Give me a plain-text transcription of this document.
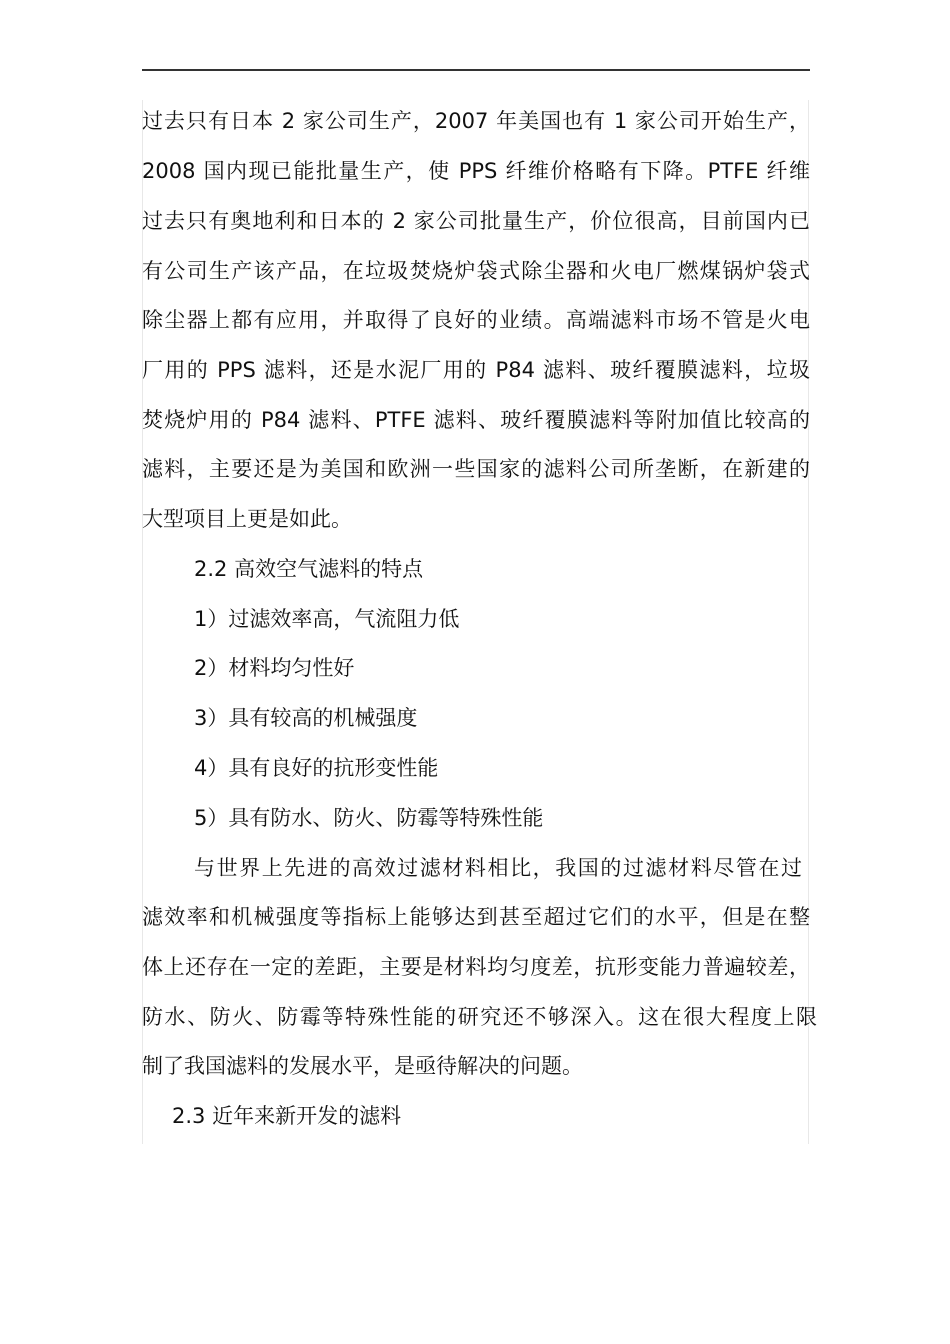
过去只有日本 2 家公司生产，2007 年美国也有 1 家公司开始生产，

2008 国内现已能批量生产，使 PPS 纤维价格略有下降。PTFE 纤维

过去只有奥地利和日本的 2 家公司批量生产，价位很高，目前国内已

有公司生产该产品，在垃圾焚烧炉袋式除尘器和火电厂燃煤锅炉袋式

除尘器上都有应用，并取得了良好的业绩。高端滤料市场不管是火电

厂用的 PPS 滤料，还是水泥厂用的 P84 滤料、玻纤覆膜滤料，垃圾

焚烧炉用的 P84 滤料、PTFE 滤料、玻纤覆膜滤料等附加值比较高的

滤料，主要还是为美国和欧洲一些国家的滤料公司所垄断，在新建的

大型项目上更是如此。

2.2 高效空气滤料的特点

1）过滤效率高，气流阻力低

2）材料均匀性好

3）具有较高的机械强度

4）具有良好的抗形变性能

5）具有防水、防火、防霉等特殊性能

与世界上先进的高效过滤材料相比，我国的过滤材料尽管在过

滤效率和机械强度等指标上能够达到甚至超过它们的水平，但是在整

体上还存在一定的差距，主要是材料均匀度差，抗形变能力普遍较差，

防水、防火、防霉等特殊性能的研究还不够深入。这在很大程度上限

制了我国滤料的发展水平，是亟待解决的问题。

2.3 近年来新开发的滤料
